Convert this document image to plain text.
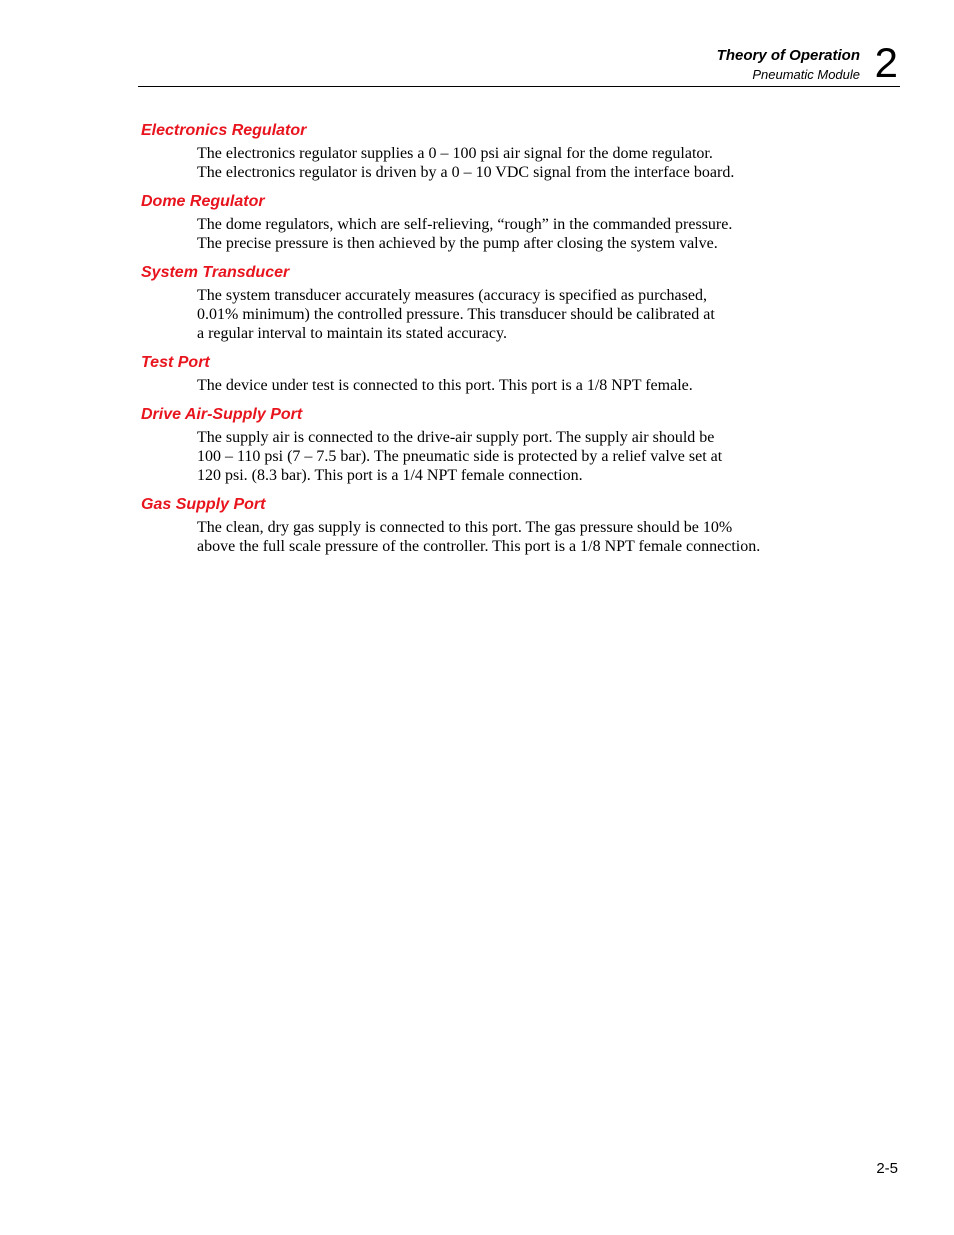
Theory of Operation
Pneumatic Module 2
Electronics Regulator

The electronics regulator supplies a 0 – 100 psi air signal for the dome regulator.

The electronics regulator is driven by a 0 – 10 VDC signal from the interface board.

Dome Regulator

The dome regulators, which are self-relieving, “rough” in the commanded pressure.

The precise pressure is then achieved by the pump after closing the system valve.

System Transducer

The system transducer accurately measures (accuracy is specified as purchased,

0.01% minimum) the controlled pressure. This transducer should be calibrated at

a regular interval to maintain its stated accuracy.

Test Port

The device under test is connected to this port. This port is a 1/8 NPT female.

Drive Air-Supply Port

The supply air is connected to the drive-air supply port. The supply air should be

100 – 110 psi (7 – 7.5 bar). The pneumatic side is protected by a relief valve set at

120 psi. (8.3 bar). This port is a 1/4 NPT female connection.

Gas Supply Port

The clean, dry gas supply is connected to this port. The gas pressure should be 10%

above the full scale pressure of the controller. This port is a 1/8 NPT female connection.

2-5
